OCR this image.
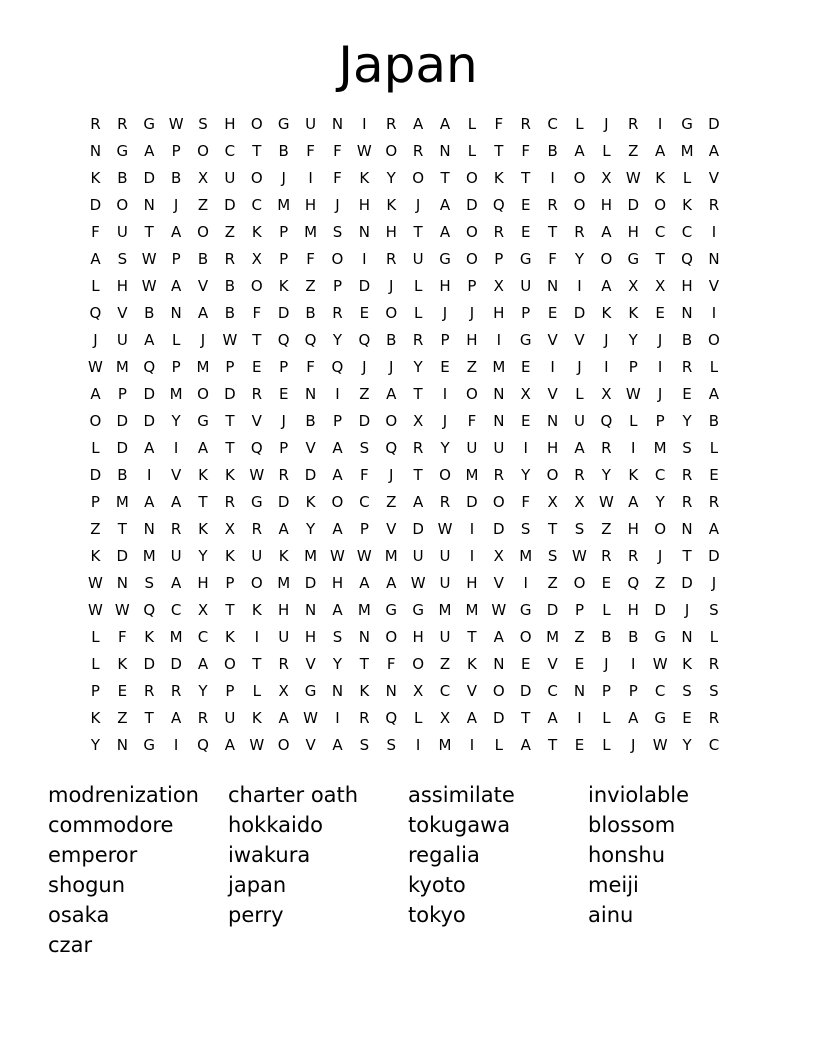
Japan
R	R	G W S	H	O	G	U	N	I	R	A	A	L	F	R	C	L	J	R	I	G	D
N	G	A	P	O	C	T	B	F	F	W O	R	N	L	T	F	B	A	L	Z	A	M	A
K	B	D	B	X	U	O	J	I	F	K	Y	O	T	O	K	T	I	O	X W K	L	V
D	O	N	J	Z	D	C	M H	J	H	K	J	A	D	Q	E	R	O	H	D	O	K	R
F	U	T	A	O	Z	K	P	M	S	N	H	T	A	O	R	E	T	R	A	H	C	C	I
A	S W P	B	R	X	P	F	O	I	R	U	G	O	P	G	F	Y	O	G	T	Q	N
L	H W A	V	B	O	K	Z	P	D	J	L	H	P	X	U	N	I	A	X	X	H	V
Q	V	B	N	A	B	F	D	B	R	E	O	L	J	J	H	P	E	D	K	K	E	N	I
J	U	A	L	J	W T	Q	Q	Y	Q	B	R	P	H	I	G	V	V	J	Y	J	B	O
W M Q	P	M	P	E	P	F	Q	J	J	Y	E	Z	M	E	I	J	I	P	I	R	L
A	P	D M O	D	R	E	N	I	Z	A	T	I	O	N	X	V	L	X W	J	E	A
O	D	D	Y	G	T	V	J	B	P	D	O	X	J	F	N	E	N	U	Q	L	P	Y	B
L	D	A	I	A	T	Q	P	V	A	S	Q	R	Y	U	U	I	H	A	R	I	M	S	L
D	B	I	V	K	K W R	D	A	F	J	T	O M	R	Y	O	R	Y	K	C	R	E
P	M	A	A	T	R	G	D	K	O	C	Z	A	R	D	O	F	X	X W A	Y	R	R
Z	T	N	R	K	X	R	A	Y	A	P	V	D W	I	D	S	T	S	Z	H	O	N	A
K	D M U	Y	K	U	K	M W W M U	U	I	X	M	S W R	R	J	T	D
W N	S	A	H	P	O M D	H	A	A W U	H	V	I	Z	O	E	Q	Z	D	J
W W Q	C	X	T	K	H	N	A	M G	G M M W G	D	P	L	H	D	J	S
L	F	K	M	C	K	I	U	H	S	N	O	H	U	T	A	O M	Z	B	B	G	N	L
L	K	D	D	A	O	T	R	V	Y	T	F	O	Z	K	N	E	V	E	J	I	W K	R
P	E	R	R	Y	P	L	X	G	N	K	N	X	C	V	O	D	C	N	P	P	C	S	S
K	Z	T	A	R	U	K	A W	I	R	Q	L	X	A	D	T	A	I	L	A	G	E	R
Y	N	G	I	Q	A W O	V	A	S	S	I	M	I	L	A	T	E	L	J	W Y	C
modrenization	charter oath	assimilate	inviolable
commodore	hokkaido	tokugawa	blossom
emperor	iwakura	regalia	honshu
shogun	japan	kyoto	meiji
osaka	perry	tokyo	ainu
czar
